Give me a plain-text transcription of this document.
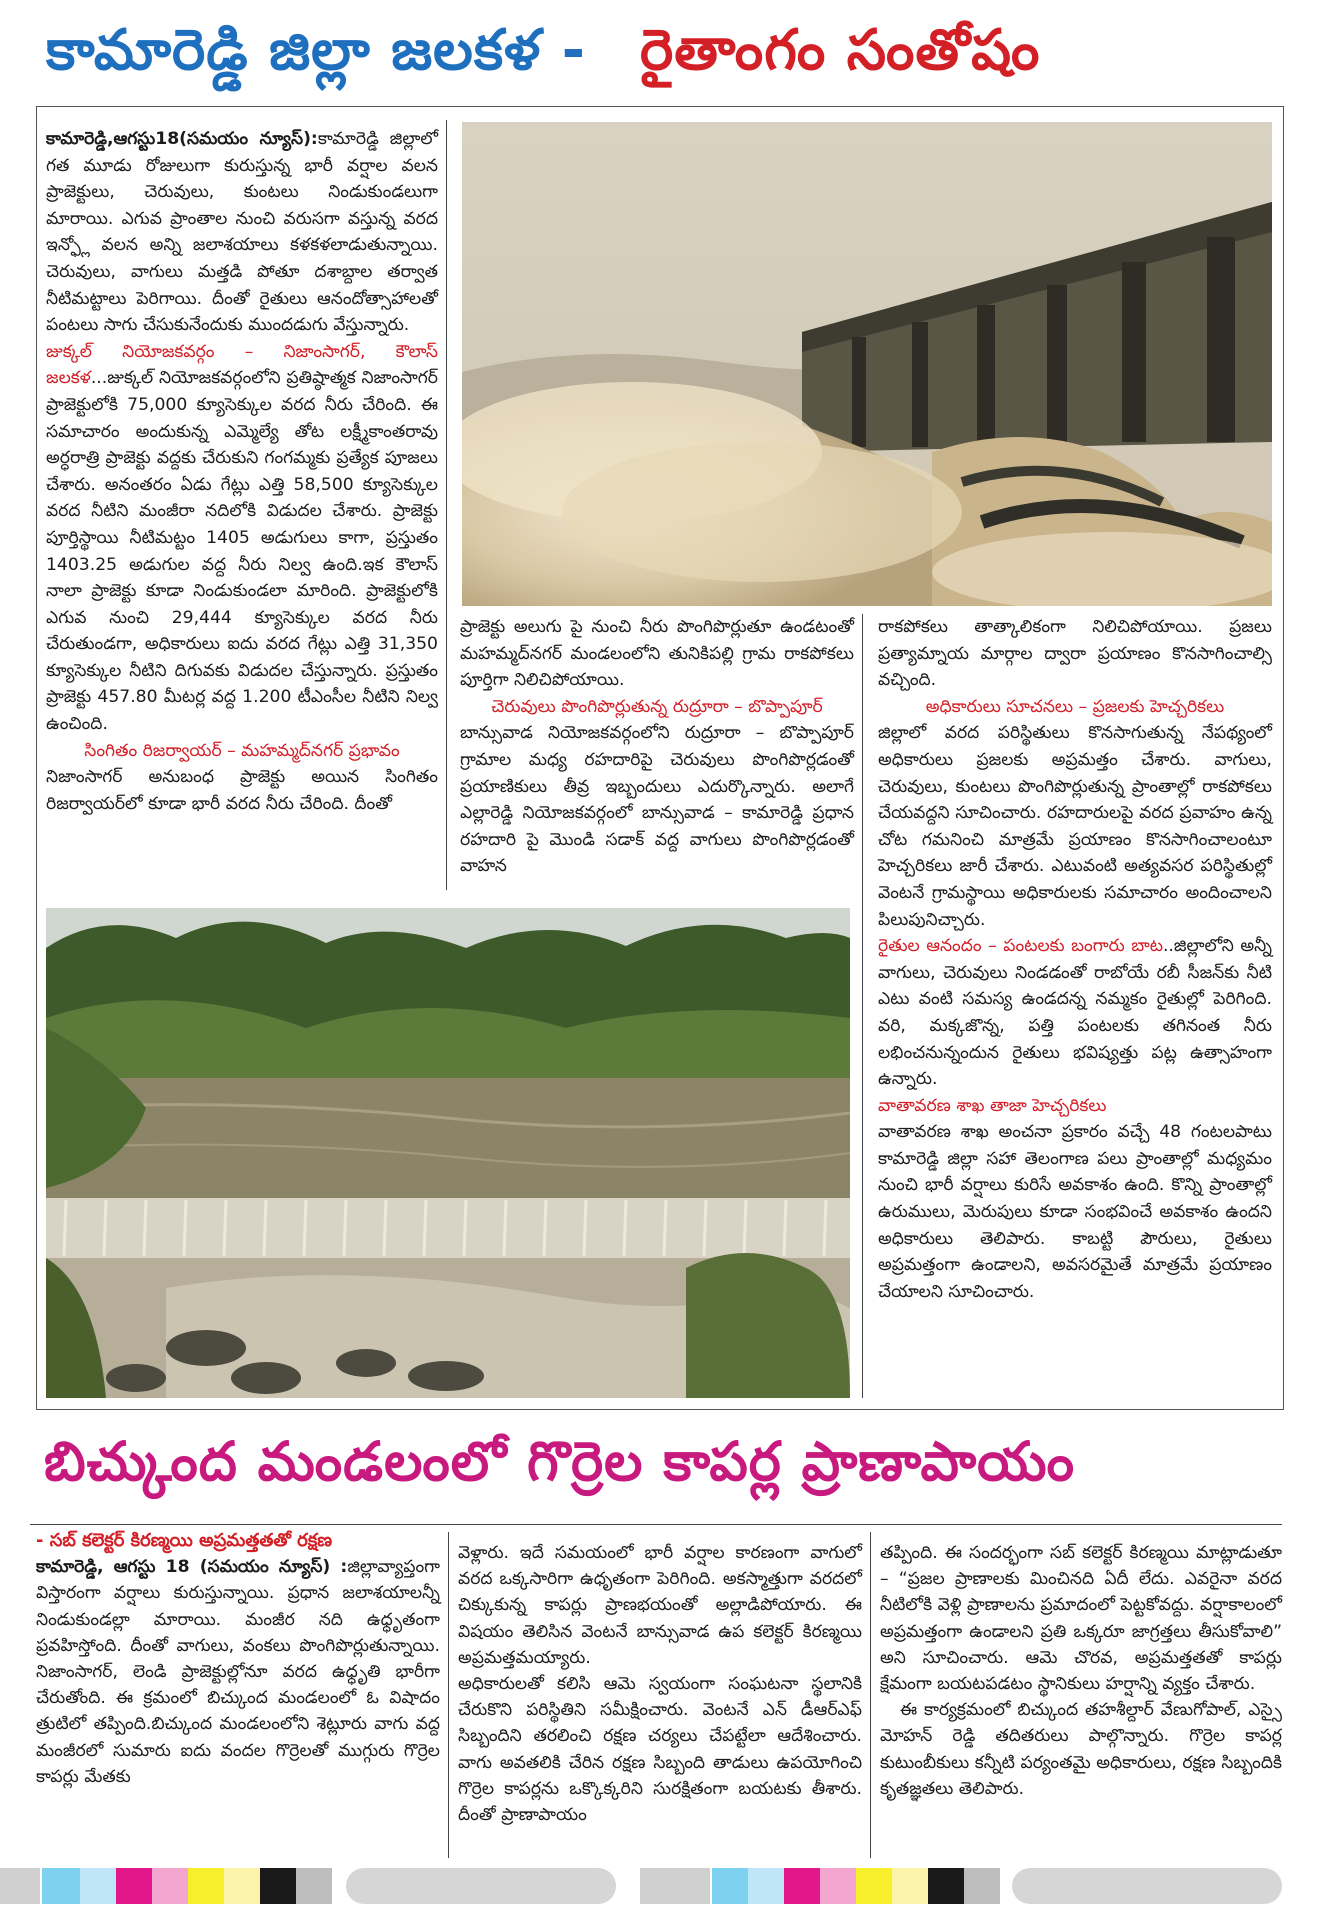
కామారెడ్డి జిల్లా జలకళ - రైతాంగం సంతోషం

కామారెడ్డి,ఆగస్టు18(సమయం న్యూస్):కామారెడ్డి జిల్లాలో గత మూడు రోజులుగా కురుస్తున్న భారీ వర్షాల వలన ప్రాజెక్టులు, చెరువులు, కుంటలు నిండుకుండలుగా మారాయి. ఎగువ ప్రాంతాల నుంచి వరుసగా వస్తున్న వరద ఇన్ఫ్లో వలన అన్ని జలాశయాలు కళకళలాడుతున్నాయి. చెరువులు, వాగులు మత్తడి పోతూ దశాబ్దాల తర్వాత నీటిమట్టాలు పెరిగాయి. దీంతో రైతులు ఆనందోత్సాహాలతో పంటలు సాగు చేసుకునేందుకు ముందడుగు వేస్తున్నారు.

జుక్కల్ నియోజకవర్గం – నిజాంసాగర్, కౌలాస్ జలకళ...జుక్కల్ నియోజకవర్గంలోని ప్రతిష్ఠాత్మక నిజాంసాగర్ ప్రాజెక్టులోకి 75,000 క్యూసెక్కుల వరద నీరు చేరింది. ఈ సమాచారం అందుకున్న ఎమ్మెల్యే తోట లక్ష్మీకాంతరావు అర్ధరాత్రి ప్రాజెక్టు వద్దకు చేరుకుని గంగమ్మకు ప్రత్యేక పూజలు చేశారు. అనంతరం ఏడు గేట్లు ఎత్తి 58,500 క్యూసెక్కుల వరద నీటిని మంజీరా నదిలోకి విడుదల చేశారు. ప్రాజెక్టు పూర్తిస్థాయి నీటిమట్టం 1405 అడుగులు కాగా, ప్రస్తుతం 1403.25 అడుగుల వద్ద నీరు నిల్వ ఉంది.ఇక కౌలాస్ నాలా ప్రాజెక్టు కూడా నిండుకుండలా మారింది. ప్రాజెక్టులోకి ఎగువ నుంచి 29,444 క్యూసెక్కుల వరద నీరు చేరుతుండగా, అధికారులు ఐదు వరద గేట్లు ఎత్తి 31,350 క్యూసెక్కుల నీటిని దిగువకు విడుదల చేస్తున్నారు. ప్రస్తుతం ప్రాజెక్టు 457.80 మీటర్ల వద్ద 1.200 టీఎంసీల నీటిని నిల్వ ఉంచింది.

సింగితం రిజర్వాయర్ – మహమ్మద్‌నగర్ ప్రభావం

నిజాంసాగర్ అనుబంధ ప్రాజెక్టు అయిన సింగితం రిజర్వాయర్‌లో కూడా భారీ వరద నీరు చేరింది. దీంతో

ప్రాజెక్టు అలుగు పై నుంచి నీరు పొంగిపొర్లుతూ ఉండటంతో మహమ్మద్‌నగర్ మండలంలోని తునికిపల్లి గ్రామ రాకపోకలు పూర్తిగా నిలిచిపోయాయి.

చెరువులు పొంగిపొర్లుతున్న రుద్రూరా – బొప్పాపూర్

బాన్సువాడ నియోజకవర్గంలోని రుద్రూరా – బొప్పాపూర్ గ్రామాల మధ్య రహదారిపై చెరువులు పొంగిపొర్లడంతో ప్రయాణికులు తీవ్ర ఇబ్బందులు ఎదుర్కొన్నారు. అలాగే ఎల్లారెడ్డి నియోజకవర్గంలో బాన్సువాడ – కామారెడ్డి ప్రధాన రహదారి పై మొండి సడాక్ వద్ద వాగులు పొంగిపొర్లడంతో వాహన

రాకపోకలు తాత్కాలికంగా నిలిచిపోయాయి. ప్రజలు ప్రత్యామ్నాయ మార్గాల ద్వారా ప్రయాణం కొనసాగించాల్సి వచ్చింది.

అధికారులు సూచనలు – ప్రజలకు హెచ్చరికలు

జిల్లాలో వరద పరిస్థితులు కొనసాగుతున్న నేపథ్యంలో అధికారులు ప్రజలకు అప్రమత్తం చేశారు. వాగులు, చెరువులు, కుంటలు పొంగిపొర్లుతున్న ప్రాంతాల్లో రాకపోకలు చేయవద్దని సూచించారు. రహదారులపై వరద ప్రవాహం ఉన్న చోట గమనించి మాత్రమే ప్రయాణం కొనసాగించాలంటూ హెచ్చరికలు జారీ చేశారు. ఎటువంటి అత్యవసర పరిస్థితుల్లో వెంటనే గ్రామస్థాయి అధికారులకు సమాచారం అందించాలని పిలుపునిచ్చారు.

రైతుల ఆనందం – పంటలకు బంగారు బాట..జిల్లాలోని అన్నీ వాగులు, చెరువులు నిండడంతో రాబోయే రబీ సీజన్‌కు నీటి ఎటు వంటి సమస్య ఉండదన్న నమ్మకం రైతుల్లో పెరిగింది. వరి, మక్కజొన్న, పత్తి పంటలకు తగినంత నీరు లభించనున్నందున రైతులు భవిష్యత్తు పట్ల ఉత్సాహంగా ఉన్నారు.

వాతావరణ శాఖ తాజా హెచ్చరికలు

వాతావరణ శాఖ అంచనా ప్రకారం వచ్చే 48 గంటలపాటు కామారెడ్డి జిల్లా సహా తెలంగాణ పలు ప్రాంతాల్లో మధ్యమం నుంచి భారీ వర్షాలు కురిసే అవకాశం ఉంది. కొన్ని ప్రాంతాల్లో ఉరుములు, మెరుపులు కూడా సంభవించే అవకాశం ఉందని అధికారులు తెలిపారు. కాబట్టి పౌరులు, రైతులు అప్రమత్తంగా ఉండాలని, అవసరమైతే మాత్రమే ప్రయాణం చేయాలని సూచించారు.

బిచ్కుంద మండలంలో గొర్రెల కాపర్ల ప్రాణాపాయం

- సబ్ కలెక్టర్ కిరణ్మయి అప్రమత్తతతో రక్షణ

కామారెడ్డి, ఆగస్టు 18 (సమయం న్యూస్) :జిల్లావ్యాప్తంగా విస్తారంగా వర్షాలు కురుస్తున్నాయి. ప్రధాన జలాశయాలన్నీ నిండుకుండల్లా మారాయి. మంజీర నది ఉధ్ధృతంగా ప్రవహిస్తోంది. దీంతో వాగులు, వంకలు పొంగిపొర్లుతున్నాయి. నిజాంసాగర్, లెండి ప్రాజెక్టుల్లోనూ వరద ఉధ్ధృతి భారీగా చేరుతోంది. ఈ క్రమంలో బిచ్కుంద మండలంలో ఓ విషాదం త్రుటిలో తప్పింది.బిచ్కుంద మండలంలోని శెట్లూరు వాగు వద్ద మంజీరలో సుమారు ఐదు వందల గొర్రెలతో ముగ్గురు గొర్రెల కాపర్లు మేతకు

వెళ్లారు. ఇదే సమయంలో భారీ వర్షాల కారణంగా వాగులో వరద ఒక్కసారిగా ఉధృతంగా పెరిగింది. అకస్మాత్తుగా వరదలో చిక్కుకున్న కాపర్లు ప్రాణభయంతో అల్లాడిపోయారు. ఈ విషయం తెలిసిన వెంటనే బాన్సువాడ ఉప కలెక్టర్ కిరణ్మయి అప్రమత్తమయ్యారు.

అధికారులతో కలిసి ఆమె స్వయంగా సంఘటనా స్థలానికి చేరుకొని పరిస్థితిని సమీక్షించారు. వెంటనే ఎన్ డీఆర్ఎఫ్ సిబ్బందిని తరలించి రక్షణ చర్యలు చేపట్టేలా ఆదేశించారు. వాగు అవతలికి చేరిన రక్షణ సిబ్బంది తాడులు ఉపయోగించి గొర్రెల కాపర్లను ఒక్కొక్కరిని సురక్షితంగా బయటకు తీశారు. దీంతో ప్రాణాపాయం

తప్పింది. ఈ సందర్భంగా సబ్ కలెక్టర్ కిరణ్మయి మాట్లాడుతూ – “ప్రజల ప్రాణాలకు మించినది ఏదీ లేదు. ఎవరైనా వరద నీటిలోకి వెళ్లి ప్రాణాలను ప్రమాదంలో పెట్టకోవద్దు. వర్షాకాలంలో అప్రమత్తంగా ఉండాలని ప్రతి ఒక్కరూ జాగ్రత్తలు తీసుకోవాలి” అని సూచించారు. ఆమె చొరవ, అప్రమత్తతతో కాపర్లు క్షేమంగా బయటపడటం స్థానికులు హర్షాన్ని వ్యక్తం చేశారు.

ఈ కార్యక్రమంలో బిచ్కుంద తహశీల్దార్ వేణుగోపాల్, ఎస్సై మోహన్ రెడ్డి తదితరులు పాల్గొన్నారు. గొర్రెల కాపర్ల కుటుంబీకులు కన్నీటి పర్యంతమై అధికారులు, రక్షణ సిబ్బందికి కృతజ్ఞతలు తెలిపారు.
